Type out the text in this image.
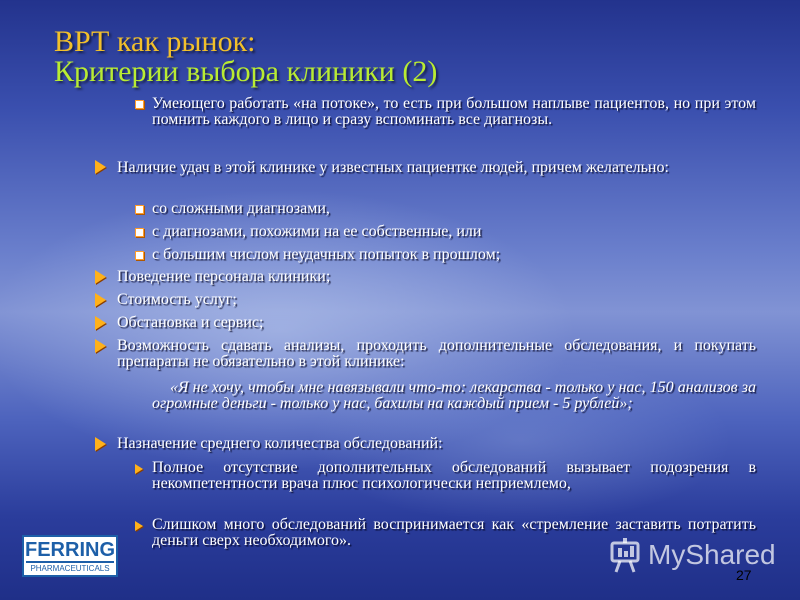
ВРТ как рынок:
Критерии выбора клиники (2)
Умеющего работать «на потоке», то есть при большом наплыве пациентов, но при этом помнить каждого в лицо и сразу вспоминать все диагнозы.
Наличие удач в этой клинике у известных пациентке людей, причем желательно:
со сложными диагнозами,
с диагнозами, похожими на ее собственные, или
с большим числом неудачных попыток в прошлом;
Поведение персонала клиники;
Стоимость услуг;
Обстановка и сервис;
Возможность сдавать анализы, проходить дополнительные обследования, и покупать препараты не обязательно в этой клинике:
«Я не хочу, чтобы мне навязывали что-то: лекарства - только у нас, 150 анализов за огромные деньги - только у нас, бахилы на каждый прием - 5 рублей»;
Назначение среднего количества обследований:
Полное отсутствие дополнительных обследований вызывает подозрения в некомпетентности врача плюс психологически неприемлемо,
Слишком много обследований воспринимается как «стремление заставить потратить деньги сверх необходимого».
FERRING
PHARMACEUTICALS	MyShared
27
